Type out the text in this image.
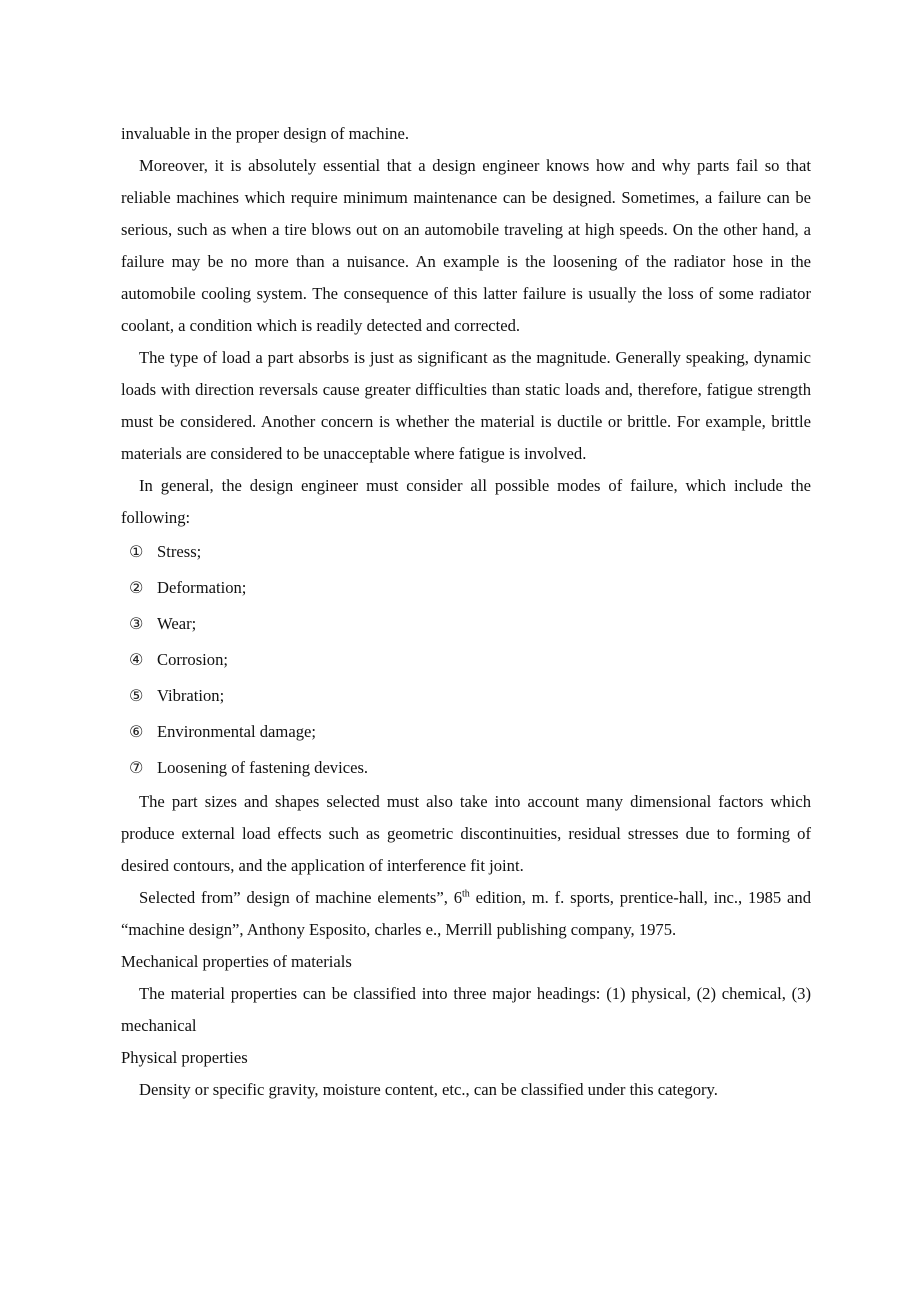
invaluable in the proper design of machine.

Moreover, it is absolutely essential that a design engineer knows how and why parts fail so that reliable machines which require minimum maintenance can be designed. Sometimes, a failure can be serious, such as when a tire blows out on an automobile traveling at high speeds. On the other hand, a failure may be no more than a nuisance. An example is the loosening of the radiator hose in the automobile cooling system. The consequence of this latter failure is usually the loss of some radiator coolant, a condition which is readily detected and corrected.

The type of load a part absorbs is just as significant as the magnitude. Generally speaking, dynamic loads with direction reversals cause greater difficulties than static loads and, therefore, fatigue strength must be considered. Another concern is whether the material is ductile or brittle. For example, brittle materials are considered to be unacceptable where fatigue is involved.

In general, the design engineer must consider all possible modes of failure, which include the following:

① Stress;
② Deformation;
③ Wear;
④ Corrosion;
⑤ Vibration;
⑥ Environmental damage;
⑦ Loosening of fastening devices.

The part sizes and shapes selected must also take into account many dimensional factors which produce external load effects such as geometric discontinuities, residual stresses due to forming of desired contours, and the application of interference fit joint.

Selected from” design of machine elements”, 6th edition, m. f. sports, prentice-hall, inc., 1985 and “machine design”, Anthony Esposito, charles e., Merrill publishing company, 1975.

Mechanical properties of materials

The material properties can be classified into three major headings: (1) physical, (2) chemical, (3) mechanical

Physical properties

Density or specific gravity, moisture content, etc., can be classified under this category.
